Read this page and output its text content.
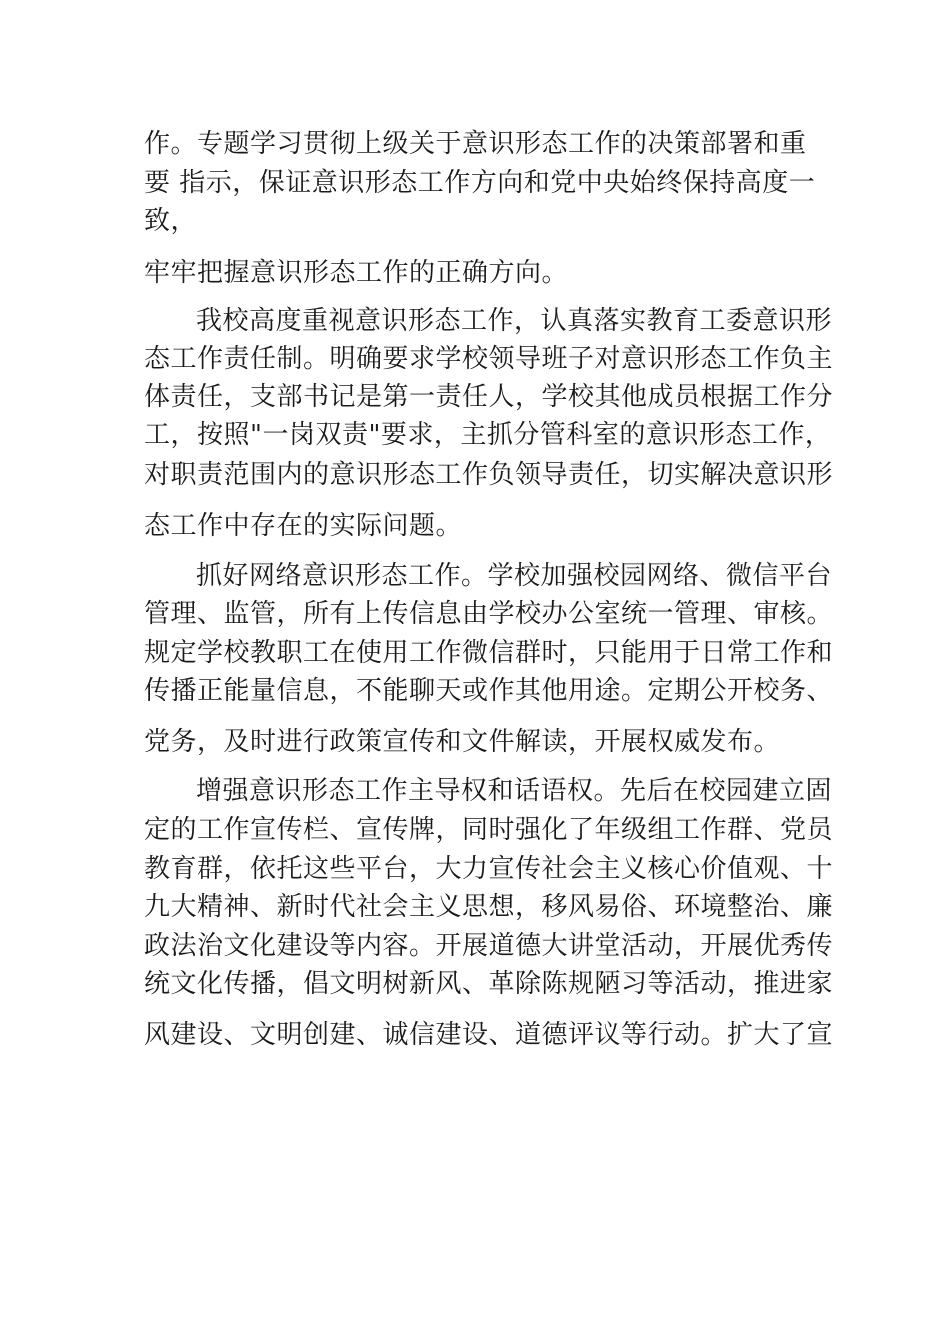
作。专题学习贯彻上级关于意识形态工作的决策部署和重
要 指示，保证意识形态工作方向和党中央始终保持高度一
致，
牢牢把握意识形态工作的正确方向。
我校高度重视意识形态工作，认真落实教育工委意识形
态工作责任制。明确要求学校领导班子对意识形态工作负主
体责任，支部书记是第一责任人，学校其他成员根据工作分
工，按照"一岗双责"要求，主抓分管科室的意识形态工作，
对职责范围内的意识形态工作负领导责任，切实解决意识形
态工作中存在的实际问题。
抓好网络意识形态工作。学校加强校园网络、微信平台
管理、监管，所有上传信息由学校办公室统一管理、审核。
规定学校教职工在使用工作微信群时，只能用于日常工作和
传播正能量信息，不能聊天或作其他用途。定期公开校务、
党务，及时进行政策宣传和文件解读，开展权威发布。
增强意识形态工作主导权和话语权。先后在校园建立固
定的工作宣传栏、宣传牌，同时强化了年级组工作群、党员
教育群，依托这些平台，大力宣传社会主义核心价值观、十
九大精神、新时代社会主义思想，移风易俗、环境整治、廉
政法治文化建设等内容。开展道德大讲堂活动，开展优秀传
统文化传播，倡文明树新风、革除陈规陋习等活动，推进家
风建设、文明创建、诚信建设、道德评议等行动。扩大了宣
